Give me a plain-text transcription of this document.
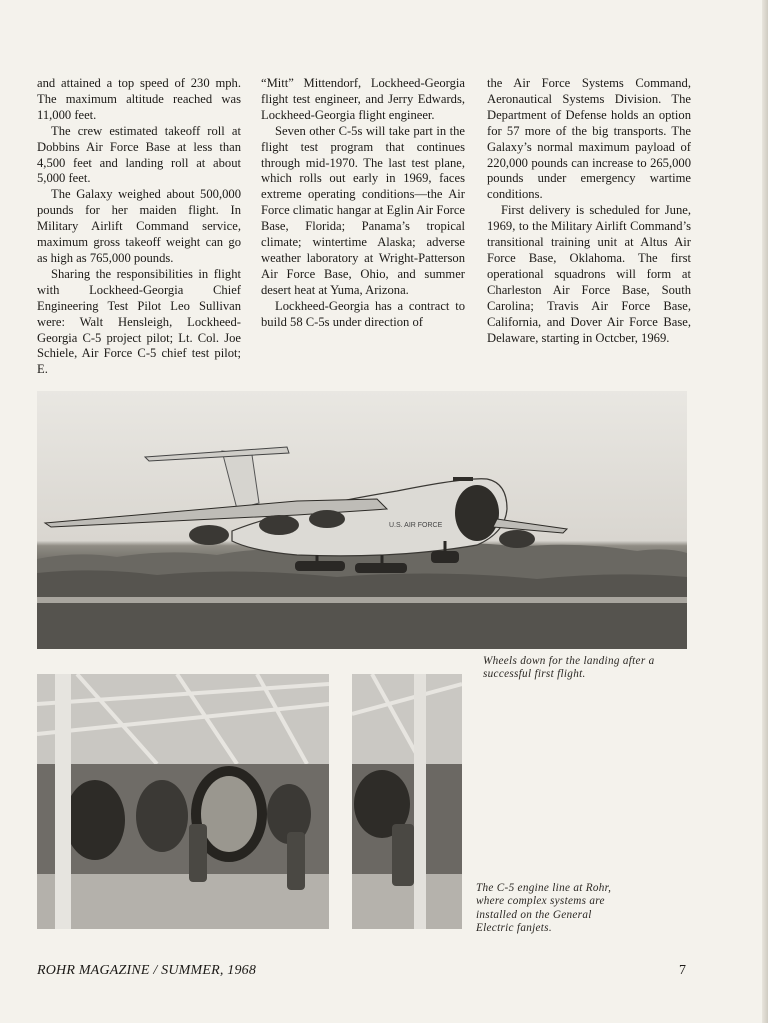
and attained a top speed of 230 mph. The maximum altitude reached was 11,000 feet.

The crew estimated takeoff roll at Dobbins Air Force Base at less than 4,500 feet and landing roll at about 5,000 feet.

The Galaxy weighed about 500,000 pounds for her maiden flight. In Military Airlift Command service, maximum gross takeoff weight can go as high as 765,000 pounds.

Sharing the responsibilities in flight with Lockheed-Georgia Chief Engineering Test Pilot Leo Sullivan were: Walt Hensleigh, Lockheed-Georgia C-5 project pilot; Lt. Col. Joe Schiele, Air Force C-5 chief test pilot; E.

“Mitt” Mittendorf, Lockheed-Georgia flight test engineer, and Jerry Edwards, Lockheed-Georgia flight engineer.

Seven other C-5s will take part in the flight test program that continues through mid-1970. The last test plane, which rolls out early in 1969, faces extreme operating conditions—the Air Force climatic hangar at Eglin Air Force Base, Florida; Panama’s tropical climate; wintertime Alaska; adverse weather laboratory at Wright-Patterson Air Force Base, Ohio, and summer desert heat at Yuma, Arizona.

Lockheed-Georgia has a contract to build 58 C-5s under direction of

the Air Force Systems Command, Aeronautical Systems Division. The Department of Defense holds an option for 57 more of the big transports. The Galaxy’s normal maximum payload of 220,000 pounds can increase to 265,000 pounds under emergency wartime conditions.

First delivery is scheduled for June, 1969, to the Military Airlift Command’s transitional training unit at Altus Air Force Base, Oklahoma. The first operational squadrons will form at Charleston Air Force Base, South Carolina; Travis Air Force Base, California, and Dover Air Force Base, Delaware, starting in Octcber, 1969.

U.S. AIR FORCE
Wheels down for the landing after a successful first flight.
The C-5 engine line at Rohr, where complex systems are installed on the General Electric fanjets.
ROHR MAGAZINE / SUMMER, 1968	7
